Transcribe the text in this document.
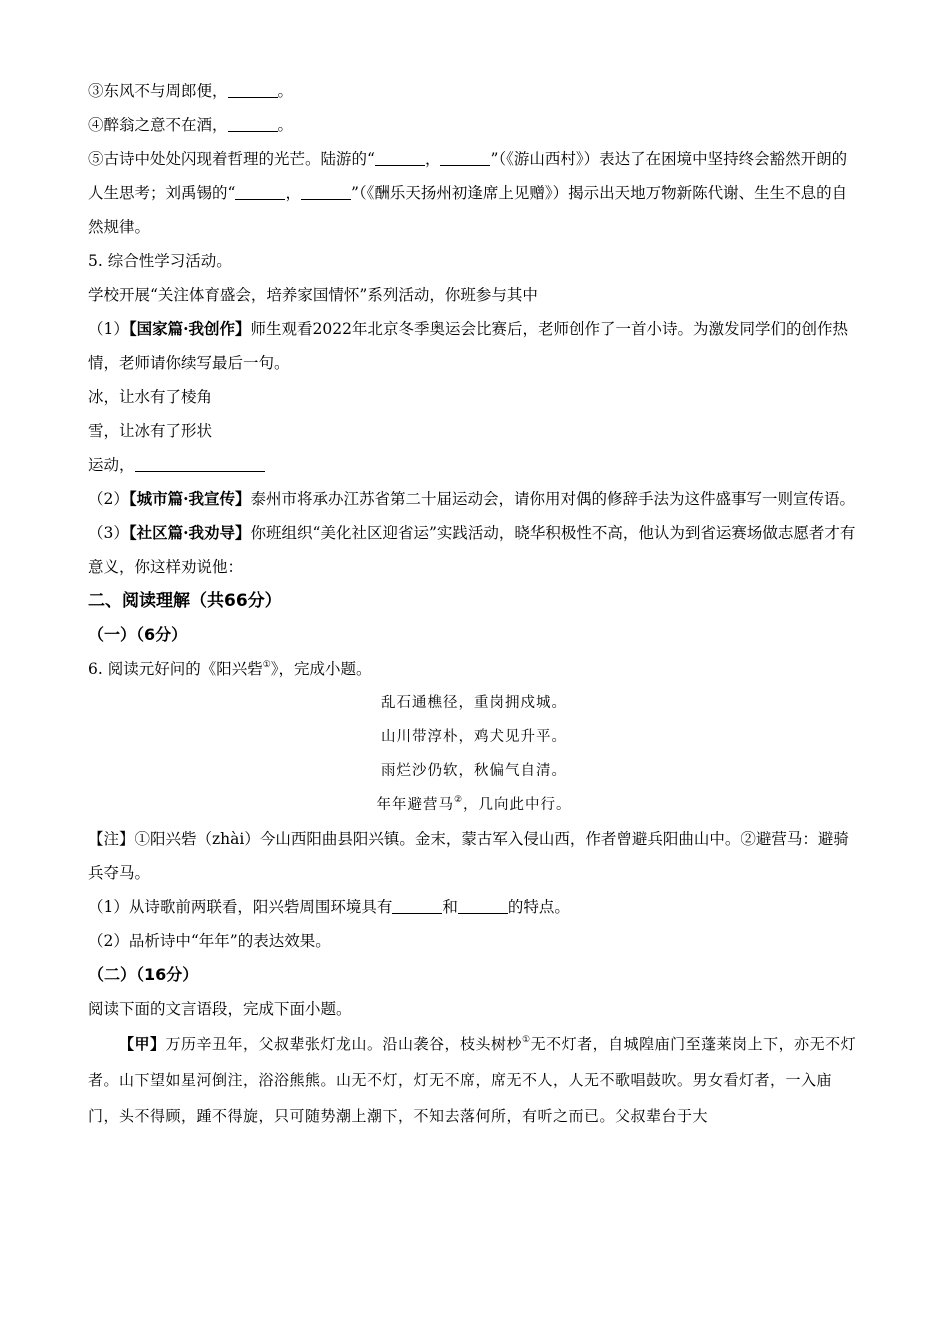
③东风不与周郎便，	。
④醉翁之意不在酒，	。
⑤古诗中处处闪现着哲理的光芒。陆游的“	，	”（《游山西村》）表达了在困境中坚持终会豁然开朗的人生思考；刘禹锡的“	，	”（《酬乐天扬州初逢席上见赠》）揭示出天地万物新陈代谢、生生不息的自然规律。
5. 综合性学习活动。
学校开展“关注体育盛会，培养家国情怀”系列活动，你班参与其中
（1）【国家篇·我创作】师生观看2022年北京冬季奥运会比赛后，老师创作了一首小诗。为激发同学们的创作热情，老师请你续写最后一句。
冰，让水有了棱角
雪，让冰有了形状
运动，
（2）【城市篇·我宣传】泰州市将承办江苏省第二十届运动会，请你用对偶的修辞手法为这件盛事写一则宣传语。
（3）【社区篇·我劝导】你班组织“美化社区迎省运”实践活动，晓华积极性不高，他认为到省运赛场做志愿者才有意义，你这样劝说他：
二、阅读理解（共66分）
（一）（6分）
6. 阅读元好问的《阳兴砦①》，完成小题。
乱石通樵径，重岗拥戍城。
山川带淳朴，鸡犬见升平。
雨烂沙仍软，秋偏气自清。
年年避营马②，几向此中行。
【注】①阳兴砦（zhài）今山西阳曲县阳兴镇。金末，蒙古军入侵山西，作者曾避兵阳曲山中。②避营马：避骑兵夺马。
（1）从诗歌前两联看，阳兴砦周围环境具有	和	的特点。
（2）品析诗中“年年”的表达效果。
（二）（16分）
阅读下面的文言语段，完成下面小题。
【甲】万历辛丑年，父叔辈张灯龙山。沿山袭谷，枝头树杪①无不灯者，自城隍庙门至蓬莱岗上下，亦无不灯者。山下望如星河倒注，浴浴熊熊。山无不灯，灯无不席，席无不人，人无不歌唱鼓吹。男女看灯者，一入庙门，头不得顾，踵不得旋，只可随势潮上潮下，不知去落何所，有听之而已。父叔辈台于大
